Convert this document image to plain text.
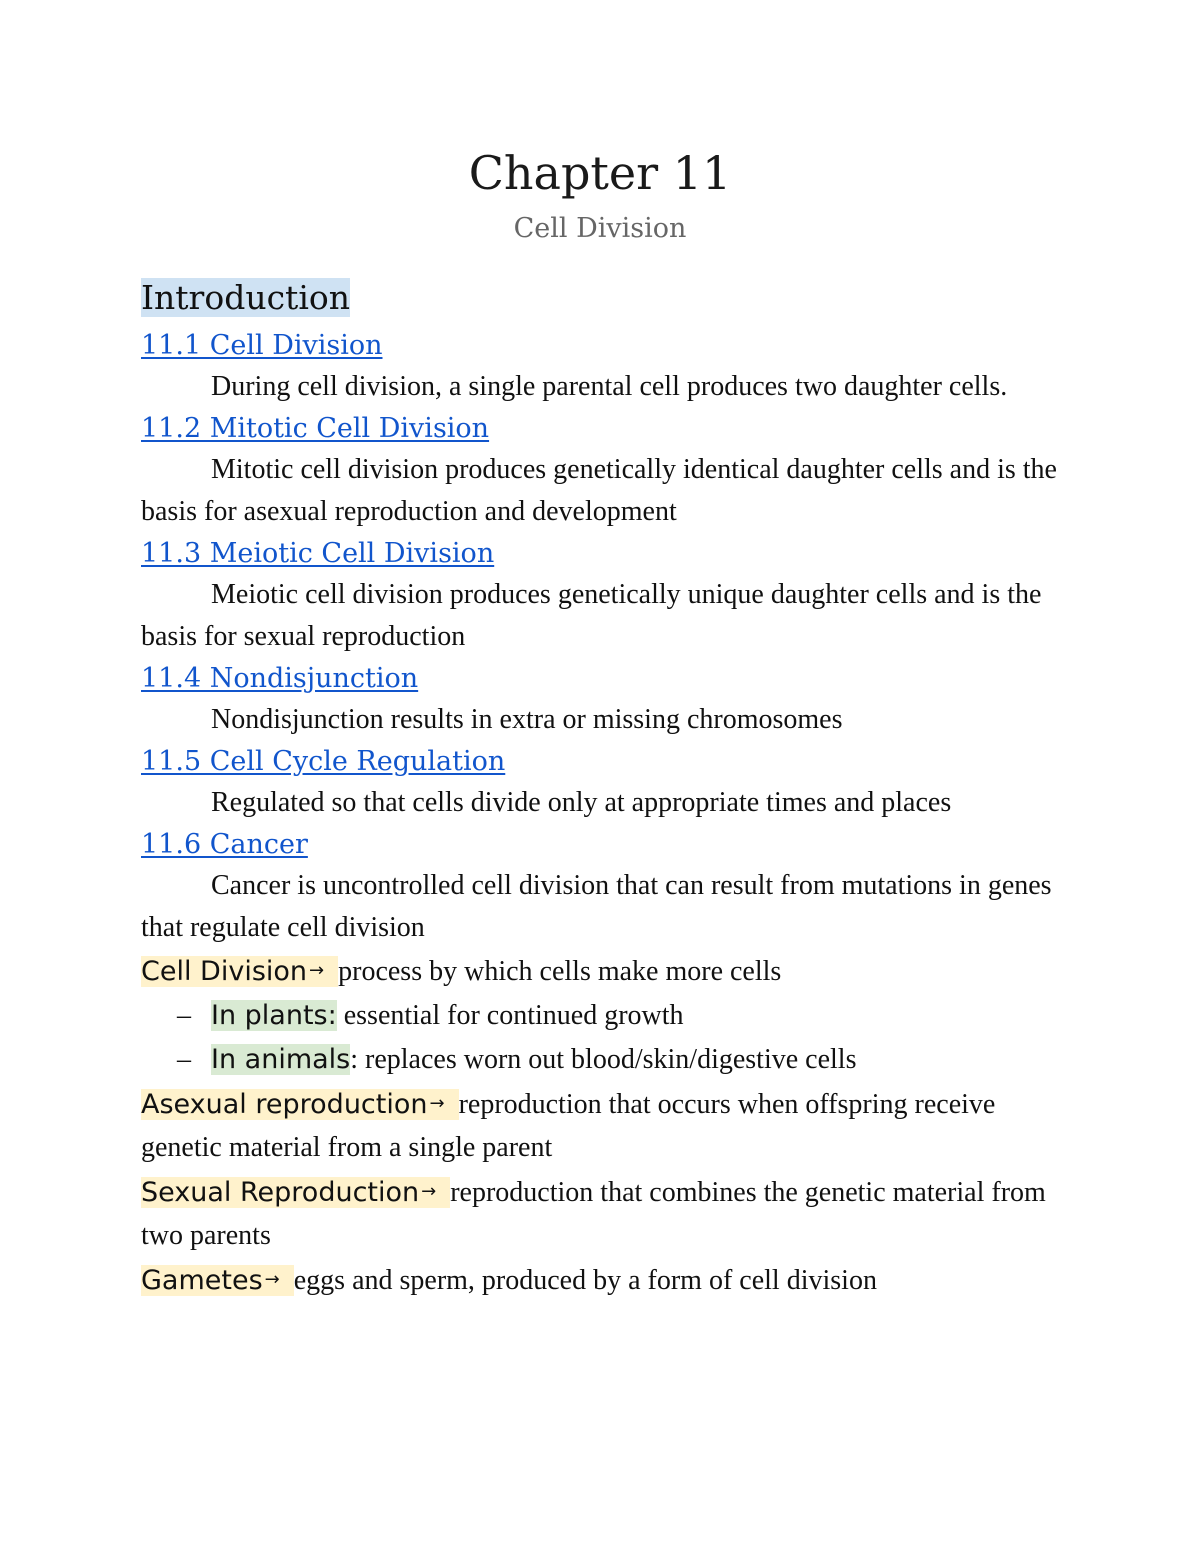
Chapter 11
Cell Division
Introduction
11.1 Cell Division

During cell division, a single parental cell produces two daughter cells.

11.2 Mitotic Cell Division

Mitotic cell division produces genetically identical daughter cells and is the basis for asexual reproduction and development

11.3 Meiotic Cell Division

Meiotic cell division produces genetically unique daughter cells and is the basis for sexual reproduction

11.4 Nondisjunction

Nondisjunction results in extra or missing chromosomes

11.5 Cell Cycle Regulation

Regulated so that cells divide only at appropriate times and places

11.6 Cancer

Cancer is uncontrolled cell division that can result from mutations in genes that regulate cell division

Cell Division → process by which cells make more cells

– In plants: essential for continued growth

– In animals: replaces worn out blood/skin/digestive cells

Asexual reproduction → reproduction that occurs when offspring receive genetic material from a single parent

Sexual Reproduction → reproduction that combines the genetic material from two parents

Gametes → eggs and sperm, produced by a form of cell division
